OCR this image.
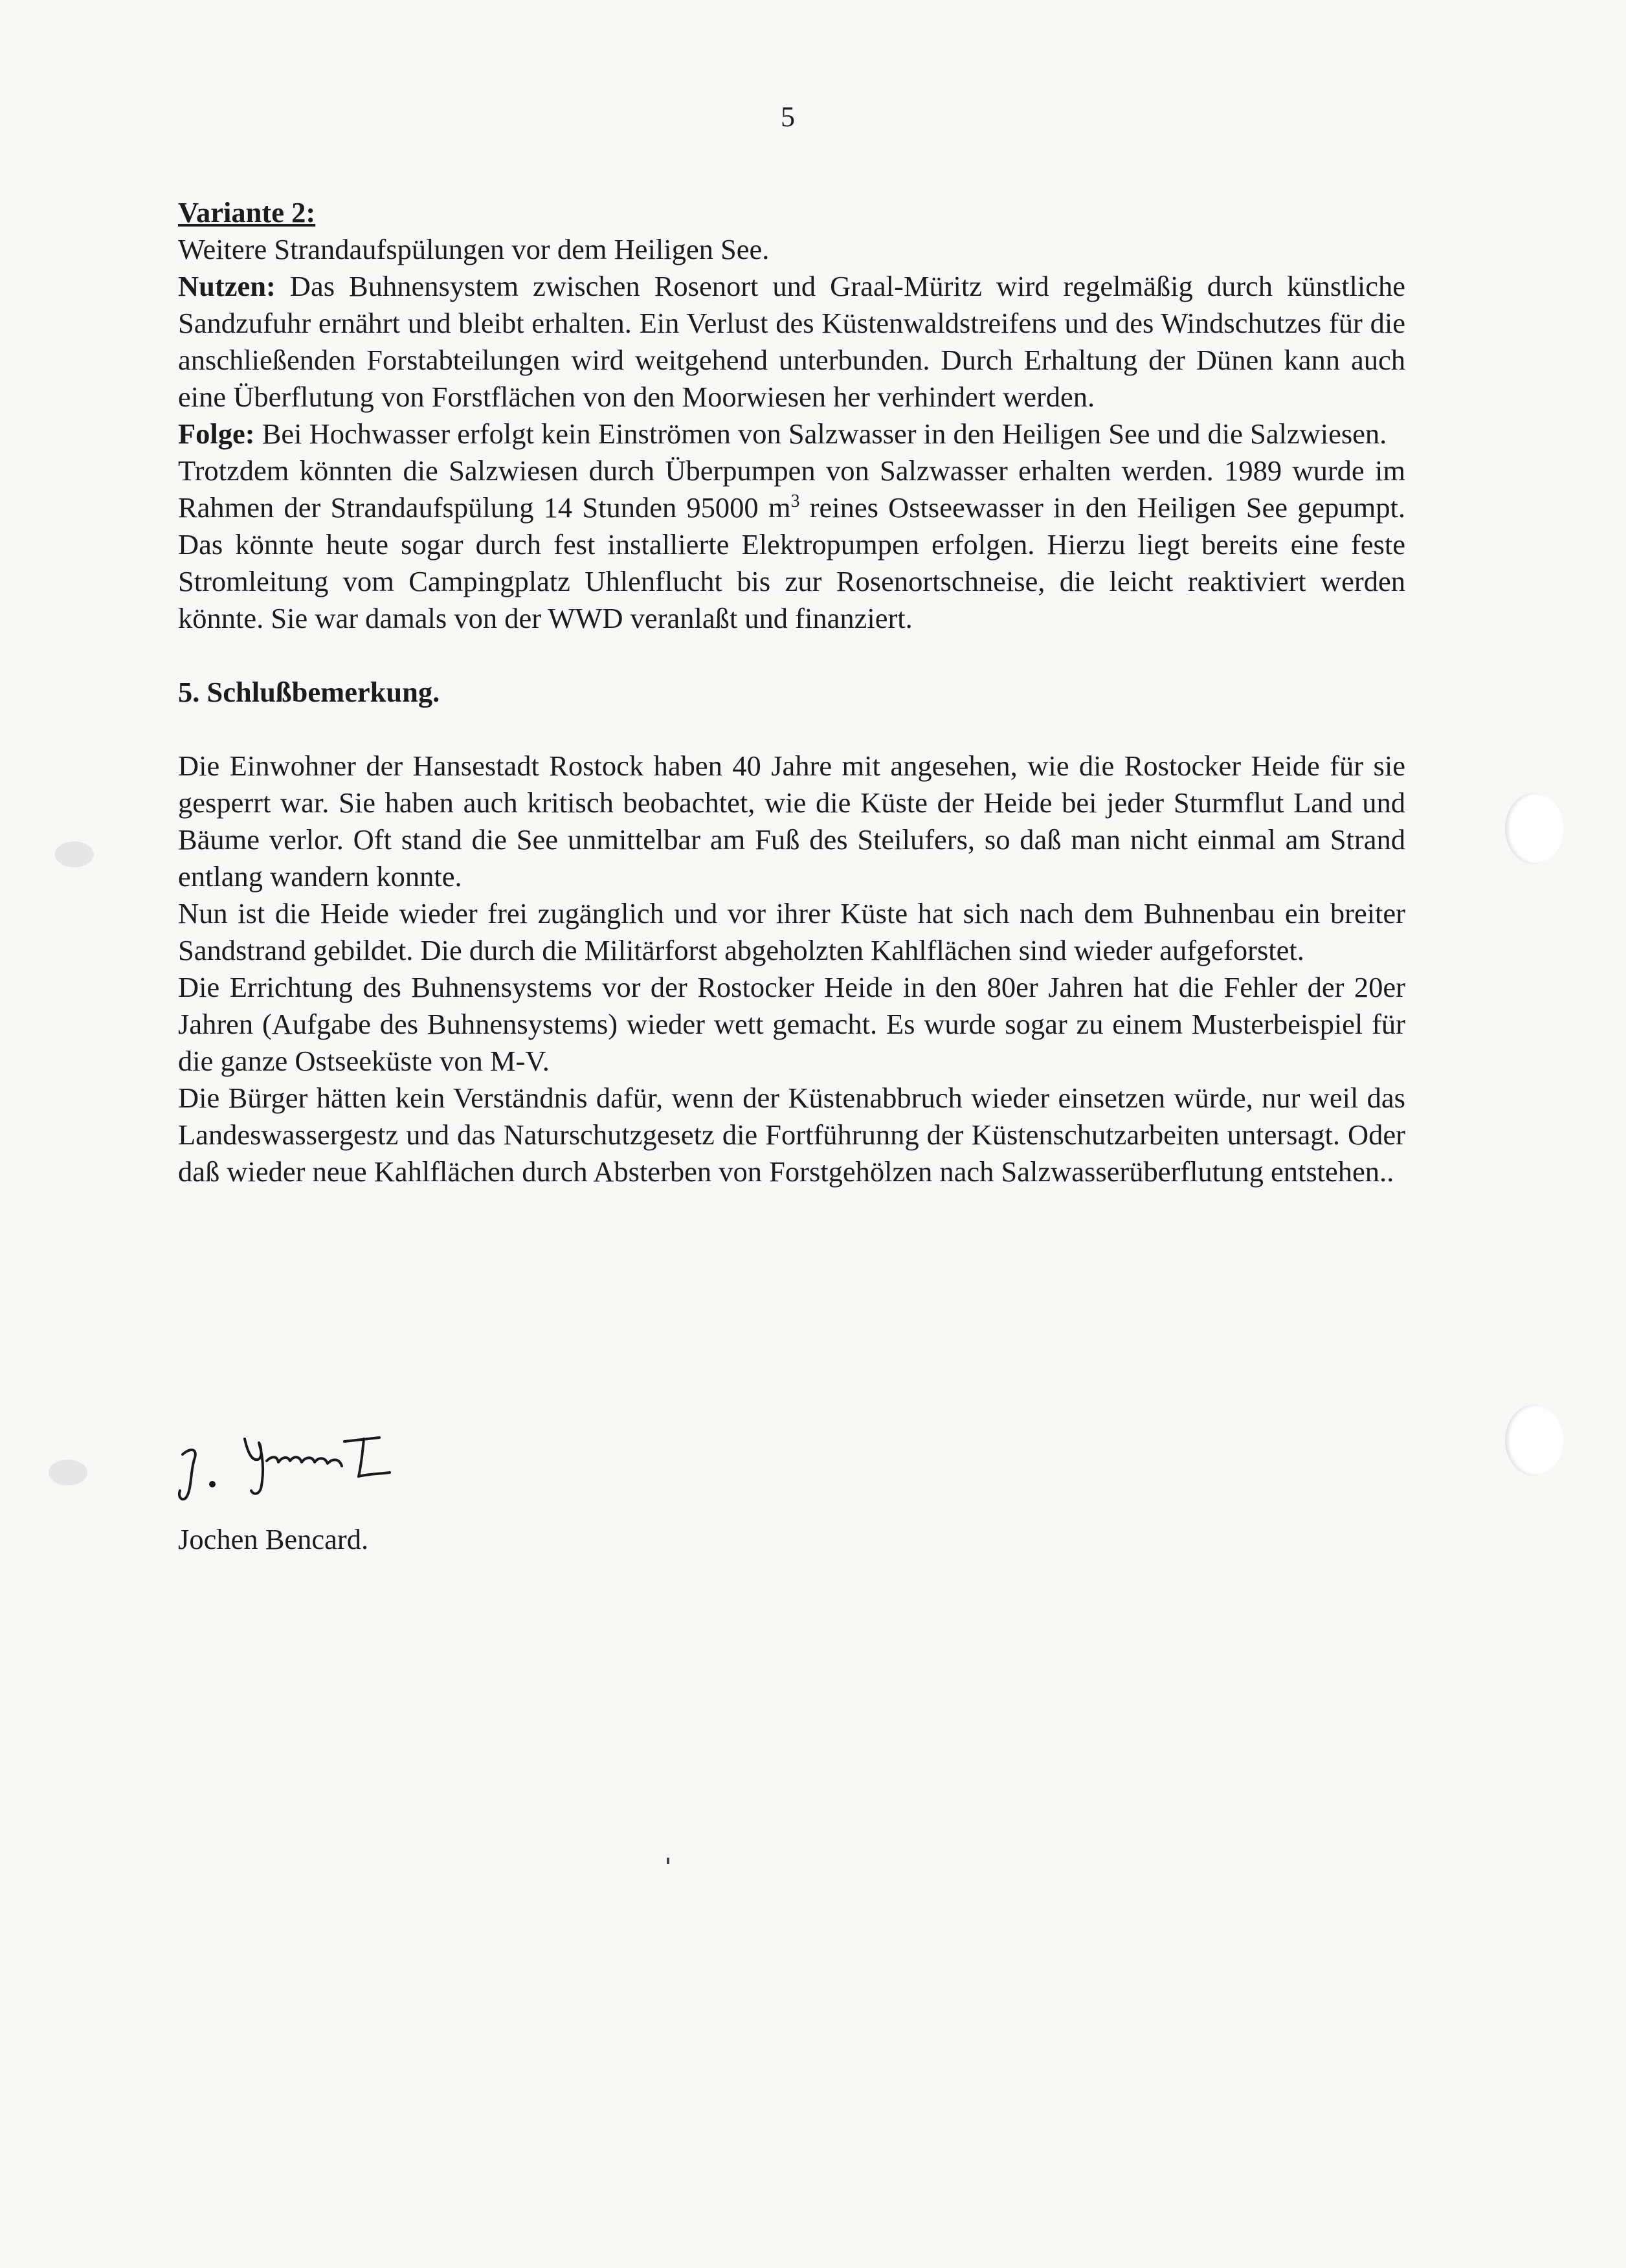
5

Variante 2:

Weitere Strandaufspülungen vor dem Heiligen See.

Nutzen: Das Buhnensystem zwischen Rosenort und Graal-Müritz wird regelmäßig durch künstliche Sandzufuhr ernährt und bleibt erhalten. Ein Verlust des Küstenwaldstreifens und des Windschutzes für die anschließenden Forstabteilungen wird weitgehend unterbunden. Durch Erhaltung der Dünen kann auch eine Überflutung von Forstflächen von den Moorwiesen her verhindert werden.

Folge: Bei Hochwasser erfolgt kein Einströmen von Salzwasser in den Heiligen See und die Salzwiesen.

Trotzdem könnten die Salzwiesen durch Überpumpen von Salzwasser erhalten werden. 1989 wurde im Rahmen der Strandaufspülung 14 Stunden 95000 $m^3$ reines Ostseewasser in den Heiligen See gepumpt. Das könnte heute sogar durch fest installierte Elektropumpen erfolgen. Hierzu liegt bereits eine feste Stromleitung vom Campingplatz Uhlenflucht bis zur Rosenortschneise, die leicht reaktiviert werden könnte. Sie war damals von der WWD veranlaßt und finanziert.

5. Schlußbemerkung.

Die Einwohner der Hansestadt Rostock haben 40 Jahre mit angesehen, wie die Rostocker Heide für sie gesperrt war. Sie haben auch kritisch beobachtet, wie die Küste der Heide bei jeder Sturmflut Land und Bäume verlor. Oft stand die See unmittelbar am Fuß des Steilufers, so daß man nicht einmal am Strand entlang wandern konnte.

Nun ist die Heide wieder frei zugänglich und vor ihrer Küste hat sich nach dem Buhnenbau ein breiter Sandstrand gebildet. Die durch die Militärforst abgeholzten Kahlflächen sind wieder aufgeforstet.

Die Errichtung des Buhnensystems vor der Rostocker Heide in den 80er Jahren hat die Fehler der 20er Jahren (Aufgabe des Buhnensystems) wieder wett gemacht. Es wurde sogar zu einem Musterbeispiel für die ganze Ostseeküste von M-V.

Die Bürger hätten kein Verständnis dafür, wenn der Küstenabbruch wieder einsetzen würde, nur weil das Landeswassergestz und das Naturschutzgesetz die Fortführunng der Küstenschutzarbeiten untersagt. Oder daß wieder neue Kahlflächen durch Absterben von Forstgehölzen nach Salzwasserüberflutung entstehen..

Jochen Bencard.
